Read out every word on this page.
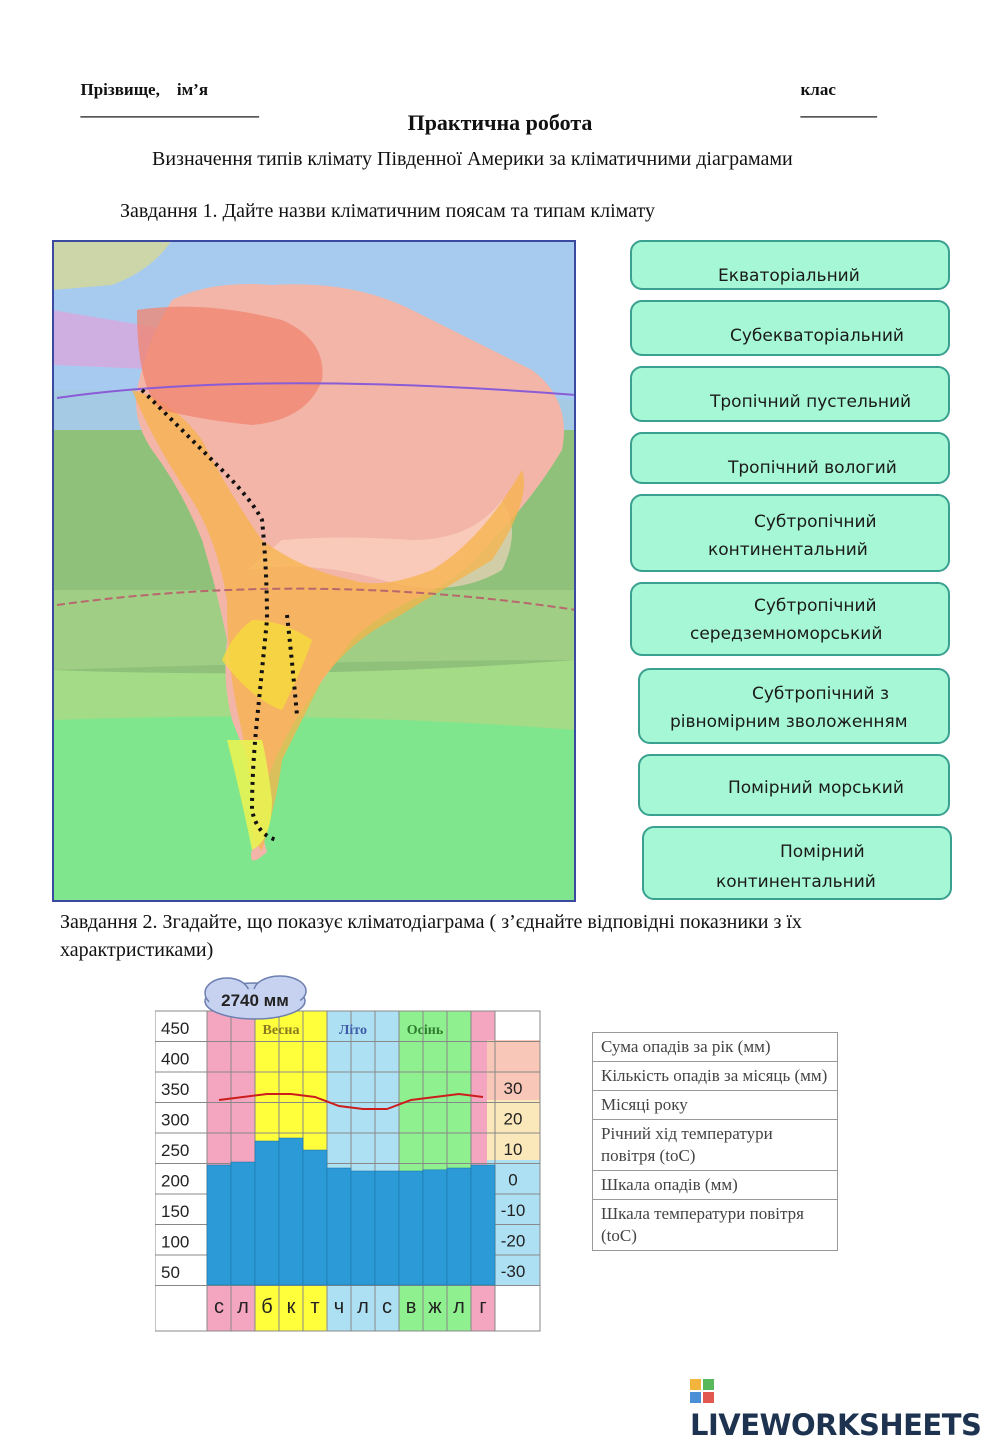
Прізвище,    ім’я
_____________________

клас
_________

Практична робота
Визначення типів клімату Південної Америки за кліматичними діаграмами
Завдання 1. Дайте назви кліматичним поясам та типам клімату
Екваторіальний
Субекваторіальний
Тропічний пустельний
Тропічний вологий
Субтропічний
континентальний
Субтропічний
середземноморський
Субтропічний з
рівномірним зволоженням
Помірний морський
Помірний
континентальний
Завдання 2. Згадайте, що показує кліматодіаграма ( з’єднайте відповідні показники з їх характристиками)
450
400
350
300
250
200
150
100
50
30
20
10
0
-10
-20
-30
с л б к т ч л с в ж л г
Весна	Літо	Осінь
2740 мм
Сума опадів за рік (мм)
Кількість опадів за місяць (мм)
Місяці року
Річний хід температури повітря (toC)
Шкала опадів (мм)
Шкала температури повітря (toC)
LIVEWORKSHEETS
